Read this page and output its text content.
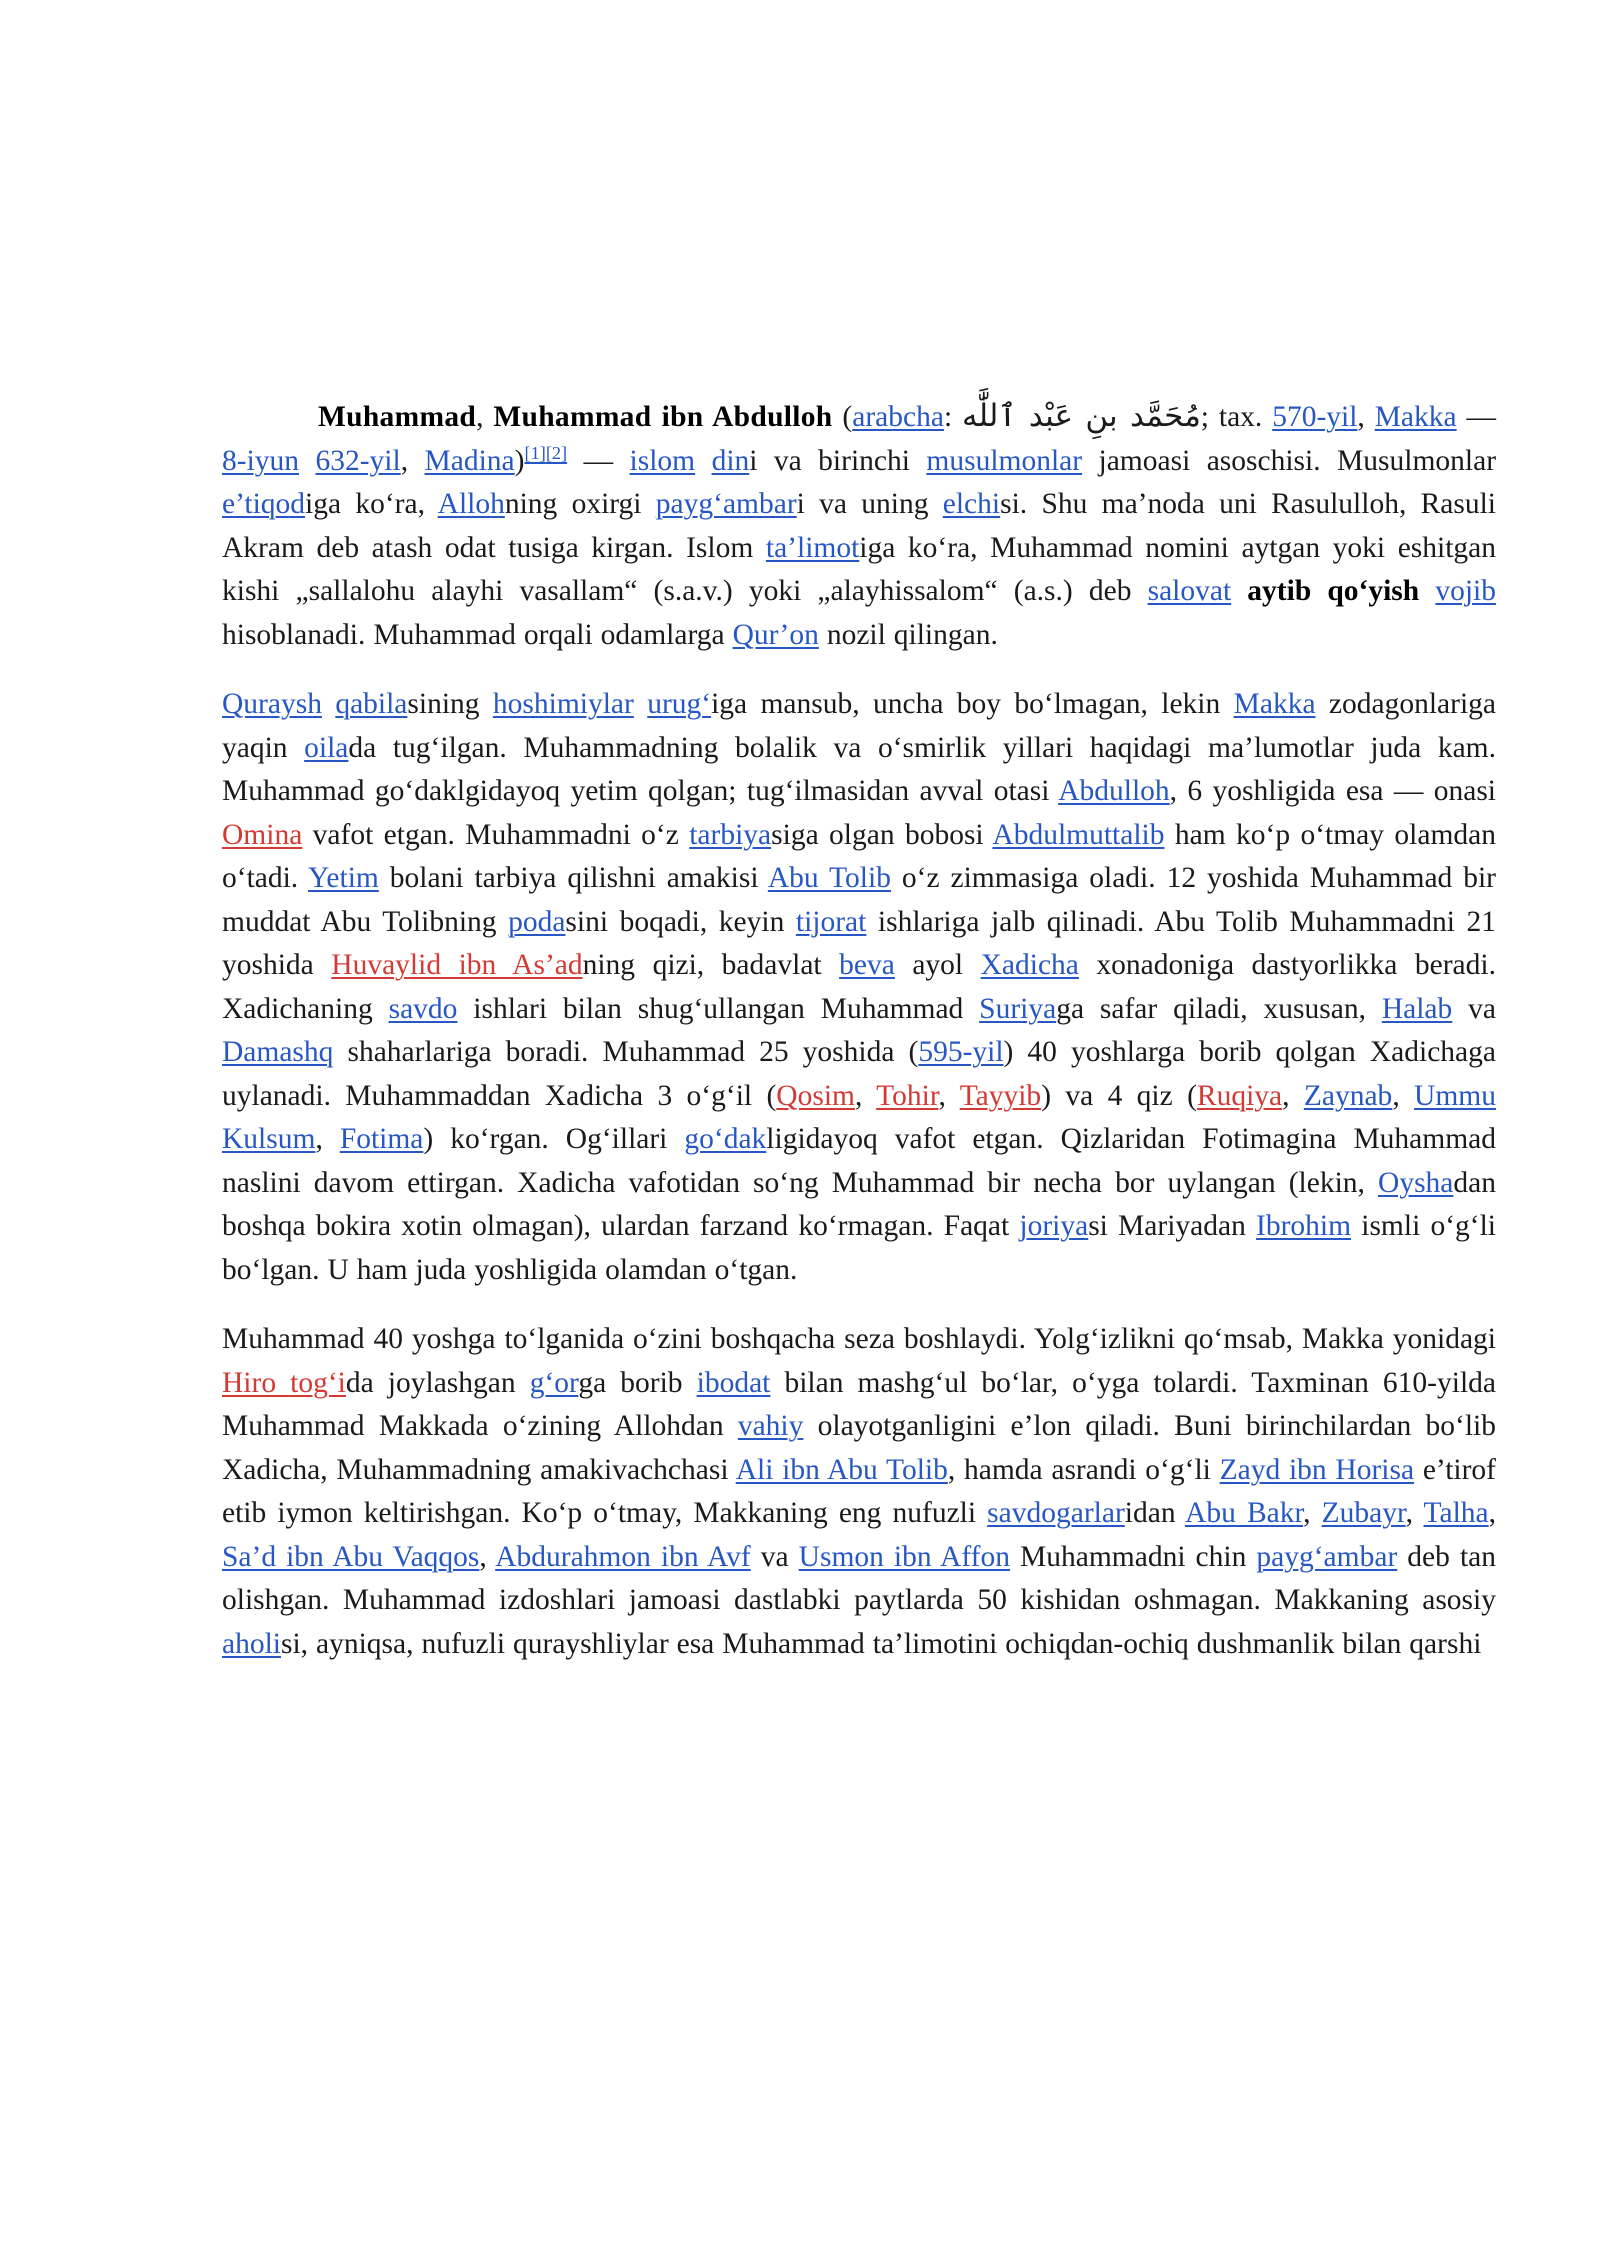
Muhammad, Muhammad ibn Abdulloh (arabcha: مُحَمَّد بنِ عَبْد ٱللَّٰه; tax. 570-yil, Makka — 8-iyun 632-yil, Madina)[1][2] — islom dini va birinchi musulmonlar jamoasi asoschisi. Musulmonlar e’tiqodiga ko‘ra, Allohning oxirgi payg‘ambari va uning elchisi. Shu ma’noda uni Rasululloh, Rasuli Akram deb atash odat tusiga kirgan. Islom ta’limotiga ko‘ra, Muhammad nomini aytgan yoki eshitgan kishi „sallalohu alayhi vasallam“ (s.a.v.) yoki „alayhissalom“ (a.s.) deb salovat aytib qo‘yish vojib hisoblanadi. Muhammad orqali odamlarga Qur’on nozil qilingan.

Quraysh qabilasining hoshimiylar urug‘iga mansub, uncha boy bo‘lmagan, lekin Makka zodagonlariga yaqin oilada tug‘ilgan. Muhammadning bolalik va o‘smirlik yillari haqidagi ma’lumotlar juda kam. Muhammad go‘daklgidayoq yetim qolgan; tug‘ilmasidan avval otasi Abdulloh, 6 yoshligida esa — onasi Omina vafot etgan. Muhammadni o‘z tarbiyasiga olgan bobosi Abdulmuttalib ham ko‘p o‘tmay olamdan o‘tadi. Yetim bolani tarbiya qilishni amakisi Abu Tolib o‘z zimmasiga oladi. 12 yoshida Muhammad bir muddat Abu Tolibning podasini boqadi, keyin tijorat ishlariga jalb qilinadi. Abu Tolib Muhammadni 21 yoshida Huvaylid ibn As’adning qizi, badavlat beva ayol Xadicha xonadoniga dastyorlikka beradi. Xadichaning savdo ishlari bilan shug‘ullangan Muhammad Suriyaga safar qiladi, xususan, Halab va Damashq shaharlariga boradi. Muhammad 25 yoshida (595-yil) 40 yoshlarga borib qolgan Xadichaga uylanadi. Muhammaddan Xadicha 3 o‘g‘il (Qosim, Tohir, Tayyib) va 4 qiz (Ruqiya, Zaynab, Ummu Kulsum, Fotima) ko‘rgan. Og‘illari go‘dakligidayoq vafot etgan. Qizlaridan Fotimagina Muhammad naslini davom ettirgan. Xadicha vafotidan so‘ng Muhammad bir necha bor uylangan (lekin, Oyshadan boshqa bokira xotin olmagan), ulardan farzand ko‘rmagan. Faqat joriyasi Mariyadan Ibrohim ismli o‘g‘li bo‘lgan. U ham juda yoshligida olamdan o‘tgan.

Muhammad 40 yoshga to‘lganida o‘zini boshqacha seza boshlaydi. Yolg‘izlikni qo‘msab, Makka yonidagi Hiro tog‘ida joylashgan g‘orga borib ibodat bilan mashg‘ul bo‘lar, o‘yga tolardi. Taxminan 610-yilda Muhammad Makkada o‘zining Allohdan vahiy olayotganligini e’lon qiladi. Buni birinchilardan bo‘lib Xadicha, Muhammadning amakivachchasi Ali ibn Abu Tolib, hamda asrandi o‘g‘li Zayd ibn Horisa e’tirof etib iymon keltirishgan. Ko‘p o‘tmay, Makkaning eng nufuzli savdogarlaridan Abu Bakr, Zubayr, Talha, Sa’d ibn Abu Vaqqos, Abdurahmon ibn Avf va Usmon ibn Affon Muhammadni chin payg‘ambar deb tan olishgan. Muhammad izdoshlari jamoasi dastlabki paytlarda 50 kishidan oshmagan. Makkaning asosiy aholisi, ayniqsa, nufuzli qurayshliylar esa Muhammad ta’limotini ochiqdan-ochiq dushmanlik bilan qarshi
